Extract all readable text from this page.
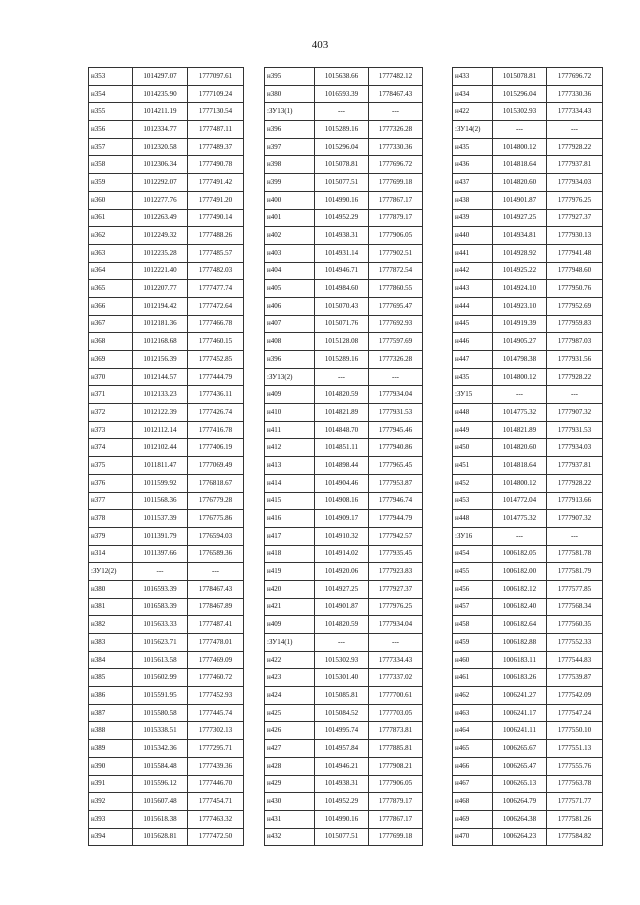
403
н353	1014297.07	1777097.61
н354	1014235.90	1777109.24
н355	1014211.19	1777130.54
н356	1012334.77	1777487.11
н357	1012320.58	1777489.37
н358	1012306.34	1777490.78
н359	1012292.07	1777491.42
н360	1012277.76	1777491.20
н361	1012263.49	1777490.14
н362	1012249.32	1777488.26
н363	1012235.28	1777485.57
н364	1012221.40	1777482.03
н365	1012207.77	1777477.74
н366	1012194.42	1777472.64
н367	1012181.36	1777466.78
н368	1012168.68	1777460.15
н369	1012156.39	1777452.85
н370	1012144.57	1777444.79
н371	1012133.23	1777436.11
н372	1012122.39	1777426.74
н373	1012112.14	1777416.78
н374	1012102.44	1777406.19
н375	1011811.47	1777069.49
н376	1011599.92	1776818.67
н377	1011568.36	1776779.28
н378	1011537.39	1776775.86
н379	1011391.79	1776594.03
н314	1011397.66	1776589.36
:ЗУ12(2)	---	---
н380	1016593.39	1778467.43
н381	1016583.39	1778467.89
н382	1015633.33	1777487.41
н383	1015623.71	1777478.01
н384	1015613.58	1777469.09
н385	1015602.99	1777460.72
н386	1015591.95	1777452.93
н387	1015580.58	1777445.74
н388	1015338.51	1777302.13
н389	1015342.36	1777295.71
н390	1015584.48	1777439.36
н391	1015596.12	1777446.70
н392	1015607.48	1777454.71
н393	1015618.38	1777463.32
н394	1015628.81	1777472.50
н395	1015638.66	1777482.12
н380	1016593.39	1778467.43
:ЗУ13(1)	---	---
н396	1015289.16	1777326.28
н397	1015296.04	1777330.36
н398	1015078.81	1777696.72
н399	1015077.51	1777699.18
н400	1014990.16	1777867.17
н401	1014952.29	1777879.17
н402	1014938.31	1777906.05
н403	1014931.14	1777902.51
н404	1014946.71	1777872.54
н405	1014984.60	1777860.55
н406	1015070.43	1777695.47
н407	1015071.76	1777692.93
н408	1015128.08	1777597.69
н396	1015289.16	1777326.28
:ЗУ13(2)	---	---
н409	1014820.59	1777934.04
н410	1014821.89	1777931.53
н411	1014848.70	1777945.46
н412	1014851.11	1777940.86
н413	1014898.44	1777965.45
н414	1014904.46	1777953.87
н415	1014908.16	1777946.74
н416	1014909.17	1777944.79
н417	1014910.32	1777942.57
н418	1014914.02	1777935.45
н419	1014920.06	1777923.83
н420	1014927.25	1777927.37
н421	1014901.87	1777976.25
н409	1014820.59	1777934.04
:ЗУ14(1)	---	---
н422	1015302.93	1777334.43
н423	1015301.40	1777337.02
н424	1015085.81	1777700.61
н425	1015084.52	1777703.05
н426	1014995.74	1777873.81
н427	1014957.84	1777885.81
н428	1014946.21	1777908.21
н429	1014938.31	1777906.05
н430	1014952.29	1777879.17
н431	1014990.16	1777867.17
н432	1015077.51	1777699.18
н433	1015078.81	1777696.72
н434	1015296.04	1777330.36
н422	1015302.93	1777334.43
:ЗУ14(2)	---	---
н435	1014800.12	1777928.22
н436	1014818.64	1777937.81
н437	1014820.60	1777934.03
н438	1014901.87	1777976.25
н439	1014927.25	1777927.37
н440	1014934.81	1777930.13
н441	1014928.92	1777941.48
н442	1014925.22	1777948.60
н443	1014924.10	1777950.76
н444	1014923.10	1777952.69
н445	1014919.39	1777959.83
н446	1014905.27	1777987.03
н447	1014798.38	1777931.56
н435	1014800.12	1777928.22
:ЗУ15	---	---
н448	1014775.32	1777907.32
н449	1014821.89	1777931.53
н450	1014820.60	1777934.03
н451	1014818.64	1777937.81
н452	1014800.12	1777928.22
н453	1014772.04	1777913.66
н448	1014775.32	1777907.32
:ЗУ16	---	---
н454	1006182.05	1777581.78
н455	1006182.00	1777581.79
н456	1006182.12	1777577.85
н457	1006182.40	1777568.34
н458	1006182.64	1777560.35
н459	1006182.88	1777552.33
н460	1006183.11	1777544.83
н461	1006183.26	1777539.87
н462	1006241.27	1777542.09
н463	1006241.17	1777547.24
н464	1006241.11	1777550.10
н465	1006265.67	1777551.13
н466	1006265.47	1777555.76
н467	1006265.13	1777563.78
н468	1006264.79	1777571.77
н469	1006264.38	1777581.26
н470	1006264.23	1777584.82
